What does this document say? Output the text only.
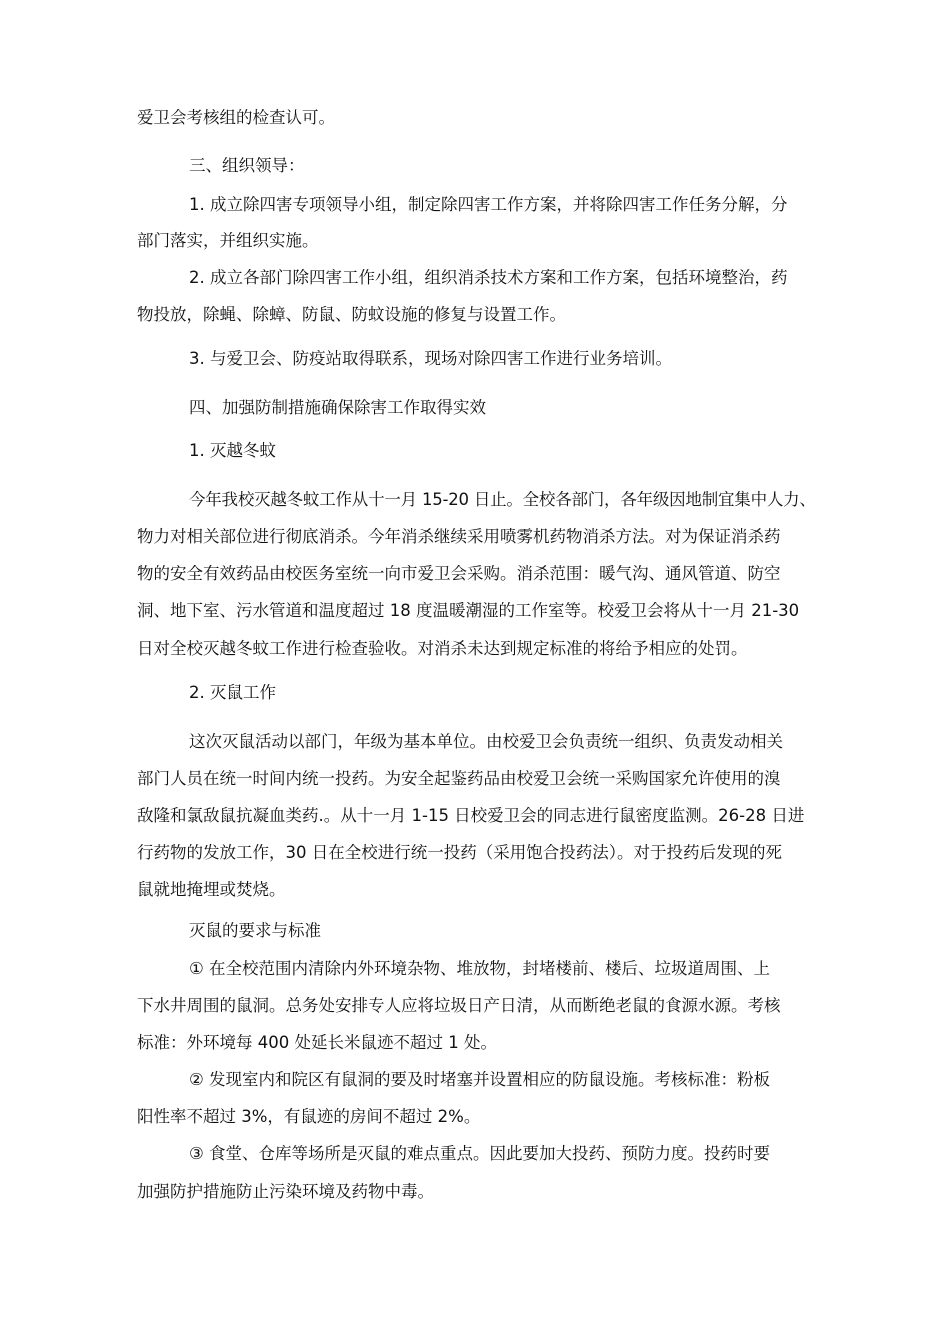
爱卫会考核组的检查认可。
三、组织领导：
1. 成立除四害专项领导小组，制定除四害工作方案，并将除四害工作任务分解，分
部门落实，并组织实施。
2. 成立各部门除四害工作小组，组织消杀技术方案和工作方案，包括环境整治，药
物投放，除蝇、除蟑、防鼠、防蚊设施的修复与设置工作。
3. 与爱卫会、防疫站取得联系，现场对除四害工作进行业务培训。
四、加强防制措施确保除害工作取得实效
1. 灭越冬蚊
今年我校灭越冬蚊工作从十一月 15-20 日止。全校各部门，各年级因地制宜集中人力、
物力对相关部位进行彻底消杀。今年消杀继续采用喷雾机药物消杀方法。对为保证消杀药
物的安全有效药品由校医务室统一向市爱卫会采购。消杀范围：暖气沟、通风管道、防空
洞、地下室、污水管道和温度超过 18 度温暖潮湿的工作室等。校爱卫会将从十一月 21-30
日对全校灭越冬蚊工作进行检查验收。对消杀未达到规定标准的将给予相应的处罚。
2. 灭鼠工作
这次灭鼠活动以部门，年级为基本单位。由校爱卫会负责统一组织、负责发动相关
部门人员在统一时间内统一投药。为安全起鉴药品由校爱卫会统一采购国家允许使用的溴
敌隆和氯敌鼠抗凝血类药.。从十一月 1-15 日校爱卫会的同志进行鼠密度监测。26-28 日进
行药物的发放工作，30 日在全校进行统一投药（采用饱合投药法）。对于投药后发现的死
鼠就地掩埋或焚烧。
灭鼠的要求与标准
① 在全校范围内清除内外环境杂物、堆放物，封堵楼前、楼后、垃圾道周围、上
下水井周围的鼠洞。总务处安排专人应将垃圾日产日清，从而断绝老鼠的食源水源。考核
标准：外环境每 400 处延长米鼠迹不超过 1 处。
② 发现室内和院区有鼠洞的要及时堵塞并设置相应的防鼠设施。考核标准：粉板
阳性率不超过 3%，有鼠迹的房间不超过 2%。
③ 食堂、仓库等场所是灭鼠的难点重点。因此要加大投药、预防力度。投药时要
加强防护措施防止污染环境及药物中毒。
